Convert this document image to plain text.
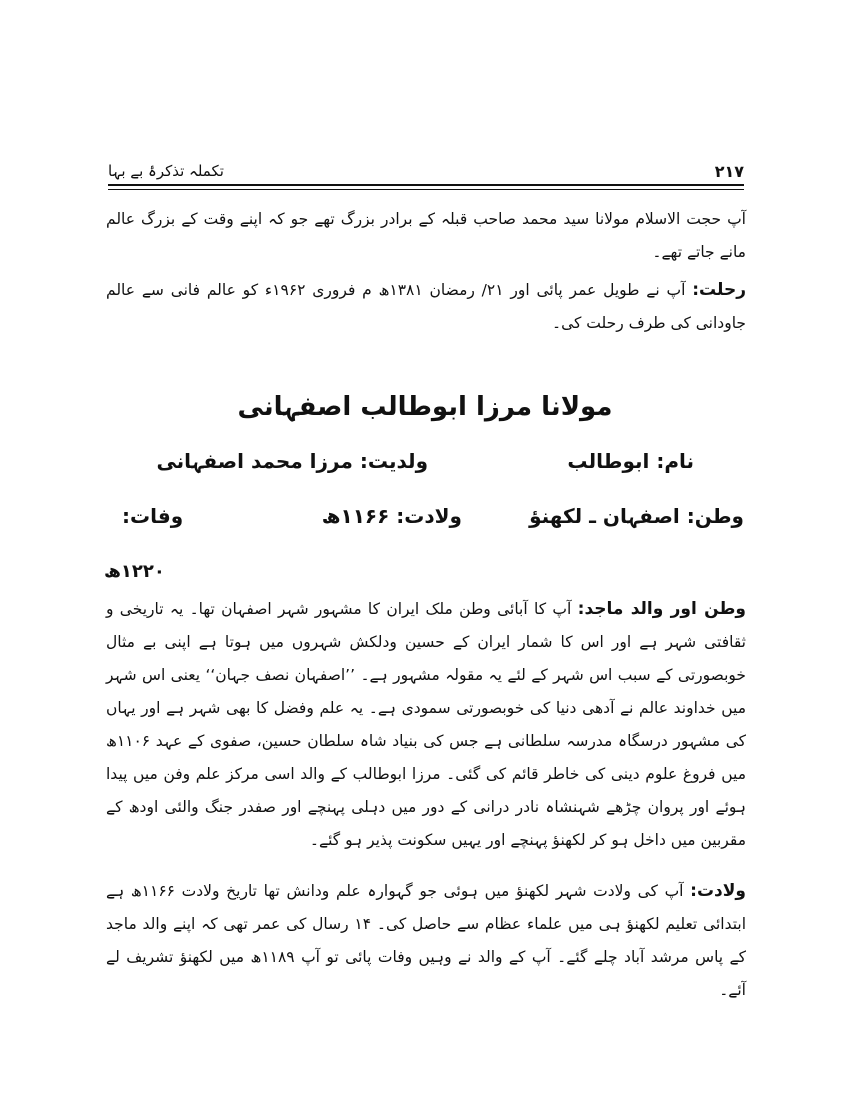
۲۱۷
تکملہ تذکرۂ بے بہا
آپ حجت الاسلام مولانا سید محمد صاحب قبلہ کے برادر بزرگ تھے جو کہ اپنے وقت کے بزرگ عالم مانے جاتے تھے۔
رحلت: آپ نے طویل عمر پائی اور ۲۱/ رمضان ۱۳۸۱ھ م فروری ۱۹۶۲ء کو عالم فانی سے عالم جاودانی کی طرف رحلت کی۔
مولانا مرزا ابوطالب اصفہانی
نام: ابوطالب
ولدیت: مرزا محمد اصفہانی
وطن: اصفہان ـ لکھنؤ
ولادت: ۱۱۶۶ھ
وفات:
۱۲۲۰ھ
وطن اور والد ماجد: آپ کا آبائی وطن ملک ایران کا مشہور شہر اصفہان تھا۔ یہ تاریخی و ثقافتی شہر ہے اور اس کا شمار ایران کے حسین ودلکش شہروں میں ہوتا ہے اپنی بے مثال خوبصورتی کے سبب اس شہر کے لئے یہ مقولہ مشہور ہے۔ ’’اصفہان نصف جہان‘‘ یعنی اس شہر میں خداوند عالم نے آدھی دنیا کی خوبصورتی سمودی ہے۔ یہ علم وفضل کا بھی شہر ہے اور یہاں کی مشہور درسگاہ مدرسہ سلطانی ہے جس کی بنیاد شاہ سلطان حسین، صفوی کے عہد ۱۱۰۶ھ میں فروغ علوم دینی کی خاطر قائم کی گئی۔ مرزا ابوطالب کے والد اسی مرکز علم وفن میں پیدا ہوئے اور پروان چڑھے شہنشاہ نادر درانی کے دور میں دہلی پہنچے اور صفدر جنگ والئی اودھ کے مقربین میں داخل ہو کر لکھنؤ پہنچے اور یہیں سکونت پذیر ہو گئے۔
ولادت: آپ کی ولادت شہر لکھنؤ میں ہوئی جو گہوارہ علم ودانش تھا تاریخ ولادت ۱۱۶۶ھ ہے ابتدائی تعلیم لکھنؤ ہی میں علماء عظام سے حاصل کی۔ ۱۴ رسال کی عمر تھی کہ اپنے والد ماجد کے پاس مرشد آباد چلے گئے۔ آپ کے والد نے وہیں وفات پائی تو آپ ۱۱۸۹ھ میں لکھنؤ تشریف لے آئے۔
